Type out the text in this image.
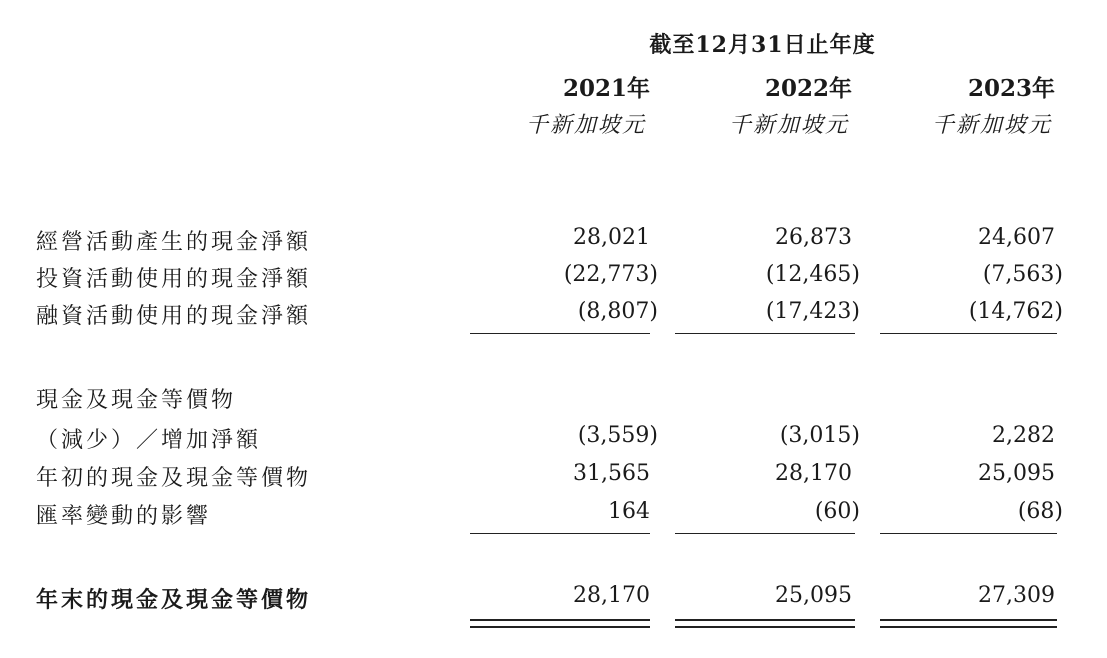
截至12月31日止年度
2021年	2022年	2023年
千新加坡元	千新加坡元	千新加坡元
經營活動產生的現金淨額	28,021	26,873	24,607
投資活動使用的現金淨額	(22,773)	(12,465)	(7,563)
融資活動使用的現金淨額	(8,807)	(17,423)	(14,762)
現金及現金等價物
（減少）／增加淨額	(3,559)	(3,015)	2,282
年初的現金及現金等價物	31,565	28,170	25,095
匯率變動的影響	164	(60)	(68)
年末的現金及現金等價物	28,170	25,095	27,309
